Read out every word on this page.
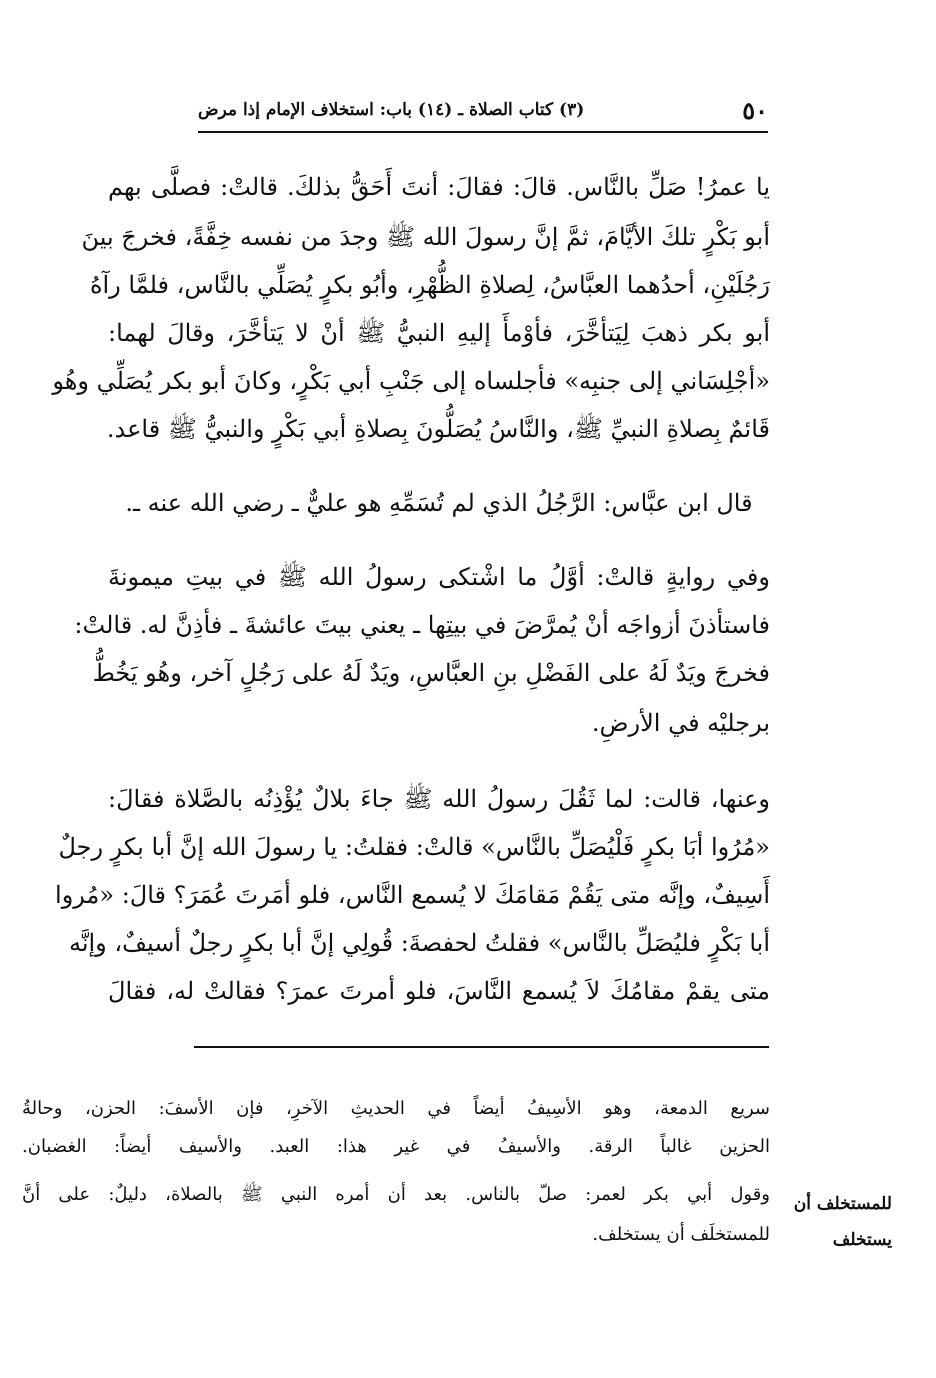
٥٠
(٣) كتاب الصلاة ـ (١٤) باب: استخلاف الإمام إذا مرض
يا عمرُ! صَلِّ بالنَّاس. قالَ: فقالَ: أنتَ أَحَقُّ بذلكَ. قالتْ: فصلَّى بهم
أبو بَكْرٍ تلكَ الأيَّامَ، ثمَّ إنَّ رسولَ الله ﷺ وجدَ من نفسه خِفَّةً، فخرجَ بينَ
رَجُلَيْنِ، أحدُهما العبَّاسُ، لِصلاةِ الظُّهْرِ، وأبُو بكرٍ يُصَلِّي بالنَّاس، فلمَّا رآهُ
أبو بكر ذهبَ لِيَتأخَّرَ، فأوْمأَ إليهِ النبيُّ ﷺ أنْ لا يَتأخَّرَ، وقالَ لهما:
«أجْلِسَاني إلى جنبِه» فأجلساه إلى جَنْبِ أبي بَكْرٍ، وكانَ أبو بكر يُصَلِّي وهُو
قَائمٌ بِصلاةِ النبيِّ ﷺ، والنَّاسُ يُصَلُّونَ بِصلاةِ أبي بَكْرٍ والنبيُّ ﷺ قاعد.
قال ابن عبَّاس: الرَّجُلُ الذي لم تُسَمِّهِ هو عليٌّ ـ رضي الله عنه ـ.
وفي روايةٍ قالتْ: أوَّلُ ما اشْتكى رسولُ الله ﷺ في بيتِ ميمونةَ
فاستأذنَ أزواجَه أنْ يُمرَّضَ في بيتِها ـ يعني بيتَ عائشةَ ـ فأذِنَّ له. قالتْ:
فخرجَ ويَدٌ لَهُ على الفَضْلِ بنِ العبَّاسِ، ويَدٌ لَهُ على رَجُلٍ آخر، وهُو يَخُطُّ
برجليْه في الأرضِ.
وعنها، قالت: لما ثَقُلَ رسولُ الله ﷺ جاءَ بلالٌ يُؤْذِنُه بالصَّلاة فقالَ:
«مُرُوا أبَا بكرٍ فَلْيُصَلِّ بالنَّاس» قالتْ: فقلتُ: يا رسولَ الله إنَّ أبا بكرٍ رجلٌ
أَسِيفٌ، وإنَّه متى يَقُمْ مَقامَكَ لا يُسمع النَّاس، فلو أمَرتَ عُمَرَ؟ قالَ: «مُروا
أبا بَكْرٍ فليُصَلِّ بالنَّاس» فقلتُ لحفصةَ: قُولِي إنَّ أبا بكرٍ رجلٌ أسيفٌ، وإنَّه
متى يقمْ مقامُكَ لاَ يُسمع النَّاسَ، فلو أمرتَ عمرَ؟ فقالتْ له، فقالَ
سريع الدمعة، وهو الأسِيفُ أيضاً في الحديثِ الآخرِ، فإن الأسفَ: الحزن، وحالةُ
الحزين غالباً الرقة. والأسيفُ في غير هذا: العبد. والأسيف أيضاً: الغضبان.
وقول أبي بكر لعمر: صلّ بالناس. بعد أن أمره النبي ﷺ بالصلاة، دليلٌ: على أنَّ
للمستخلَف أن يستخلف.
للمستخلف أن
يستخلف
